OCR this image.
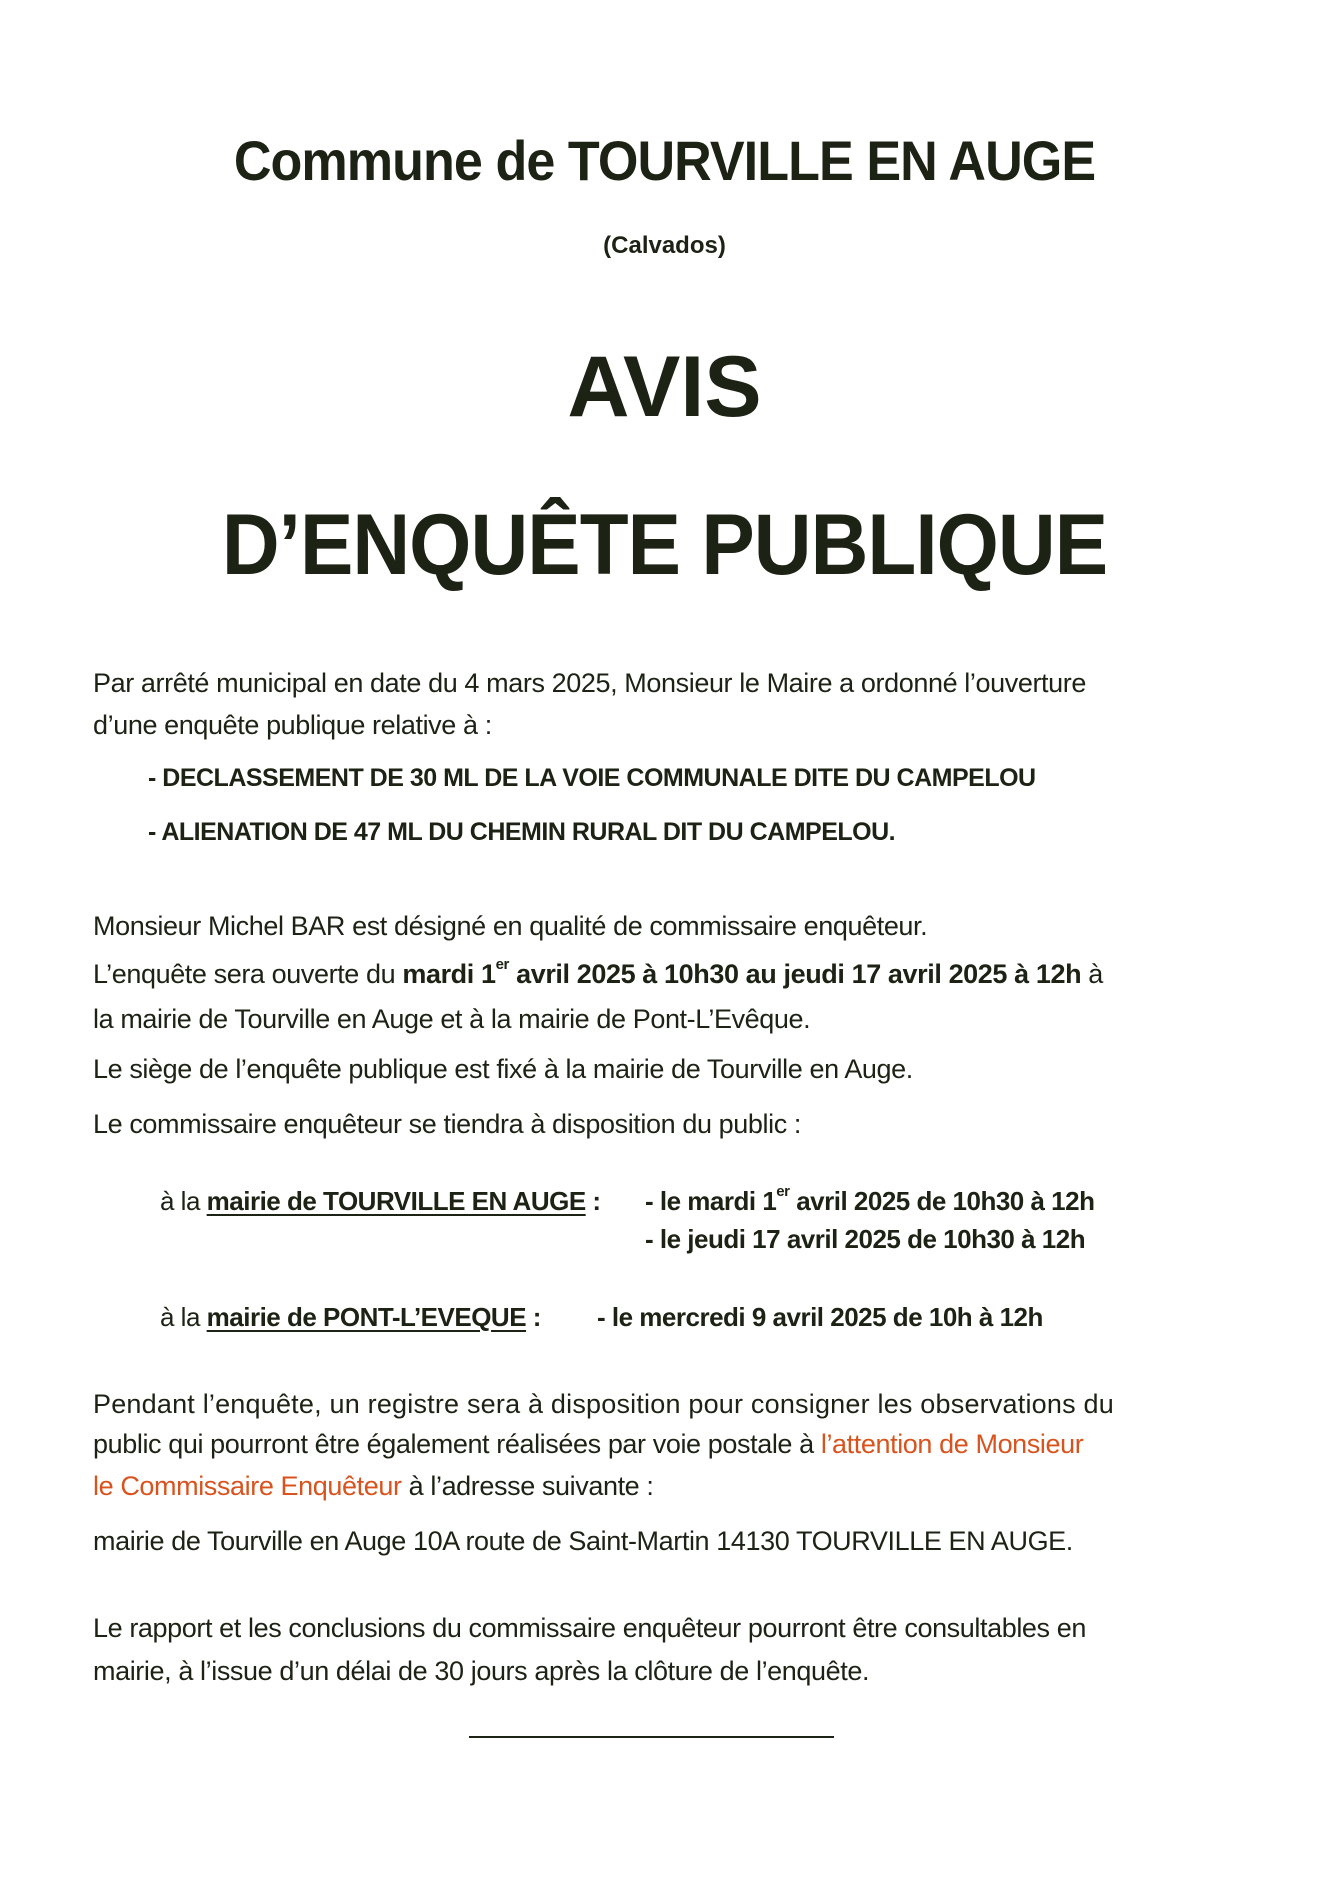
Commune de TOURVILLE EN AUGE
(Calvados)
AVIS
D’ENQUÊTE PUBLIQUE
Par arrêté municipal en date du 4 mars 2025, Monsieur le Maire a ordonné l’ouverture
d’une enquête publique relative à :
- DECLASSEMENT DE 30 ML DE LA VOIE COMMUNALE DITE DU CAMPELOU
- ALIENATION DE 47 ML DU CHEMIN RURAL DIT DU CAMPELOU.
Monsieur Michel BAR est désigné en qualité de commissaire enquêteur.
L’enquête sera ouverte du mardi 1er avril 2025 à 10h30 au jeudi 17 avril 2025 à 12h à
la mairie de Tourville en Auge et à la mairie de Pont-L’Evêque.
Le siège de l’enquête publique est fixé à la mairie de Tourville en Auge.
Le commissaire enquêteur se tiendra à disposition du public :
à la mairie de TOURVILLE EN AUGE : - le mardi 1er avril 2025 de 10h30 à 12h
- le jeudi 17 avril 2025 de 10h30 à 12h
à la mairie de PONT-L’EVEQUE : - le mercredi 9 avril 2025 de 10h à 12h
Pendant l’enquête, un registre sera à disposition pour consigner les observations du
public qui pourront être également réalisées par voie postale à l’attention de Monsieur
le Commissaire Enquêteur à l’adresse suivante :
mairie de Tourville en Auge 10A route de Saint-Martin 14130 TOURVILLE EN AUGE.
Le rapport et les conclusions du commissaire enquêteur pourront être consultables en
mairie, à l’issue d’un délai de 30 jours après la clôture de l’enquête.
